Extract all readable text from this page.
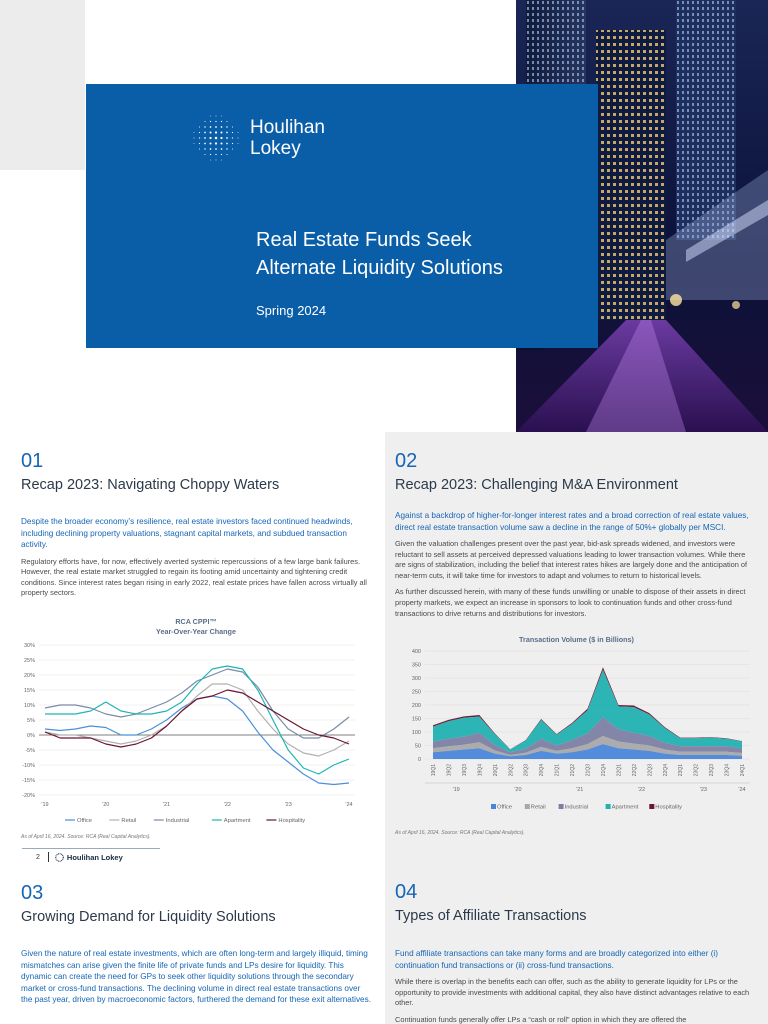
Houlihan
Lokey
Real Estate Funds Seek
Alternate Liquidity Solutions
Spring 2024
01
Recap 2023: Navigating Choppy Waters

Despite the broader economy’s resilience, real estate investors faced continued headwinds, including declining property valuations, stagnant capital markets, and subdued transaction activity.

Regulatory efforts have, for now, effectively averted systemic repercussions of a few large bank failures. However, the real estate market struggled to regain its footing amid uncertainty and tightening credit conditions. Since interest rates began rising in early 2022, real estate prices have fallen across virtually all property sectors.

RCA CPPI™
Year-Over-Year Change
30%
25%
20%
15%
10%
5%
0%
-5%
-10%
-15%
-20%
'19	'20	'21	'22	'23	'24
Office	Retail	Industrial	Apartment	Hospitality
As of April 16, 2024. Source: RCA (Real Capital Analytics).
2	Houlihan Lokey
02
Recap 2023: Challenging M&A Environment

Against a backdrop of higher-for-longer interest rates and a broad correction of real estate values, direct real estate transaction volume saw a decline in the range of 50%+ globally per MSCI.

Given the valuation challenges present over the past year, bid-ask spreads widened, and investors were reluctant to sell assets at perceived depressed valuations leading to lower transaction volumes. While there are signs of stabilization, including the belief that interest rates hikes are largely done and the anticipation of near-term cuts, it will take time for investors to adapt and volumes to return to historical levels.

As further discussed herein, with many of these funds unwilling or unable to dispose of their assets in direct property markets, we expect an increase in sponsors to look to continuation funds and other cross-fund transactions to drive returns and distributions for investors.

Transaction Volume ($ in Billions)
400
350
300
250
200
150
100
50
0
19Q1 19Q2 19Q3 19Q4 20Q1 20Q2 20Q3 20Q4 21Q1 21Q2 21Q3 21Q4 22Q1 22Q2 22Q3 22Q4 23Q1 23Q2 23Q3 23Q4 24Q1
'19	'20	'21	'22	'23	'24
Office	Retail	Industrial	Apartment	Hospitality
As of April 16, 2024. Source: RCA (Real Capital Analytics).
03
Growing Demand for Liquidity Solutions

Given the nature of real estate investments, which are often long-term and largely illiquid, timing mismatches can arise given the finite life of private funds and LPs desire for liquidity. This dynamic can create the need for GPs to seek other liquidity solutions through the secondary market or cross-fund transactions. The declining volume in direct real estate transactions over the past year, driven by macroeconomic factors, furthered the demand for these exit alternatives.

04
Types of Affiliate Transactions

Fund affiliate transactions can take many forms and are broadly categorized into either (i) continuation fund transactions or (ii) cross-fund transactions.

While there is overlap in the benefits each can offer, such as the ability to generate liquidity for LPs or the opportunity to provide investments with additional capital, they also have distinct advantages relative to each other.

Continuation funds generally offer LPs a “cash or roll” option in which they are offered the
